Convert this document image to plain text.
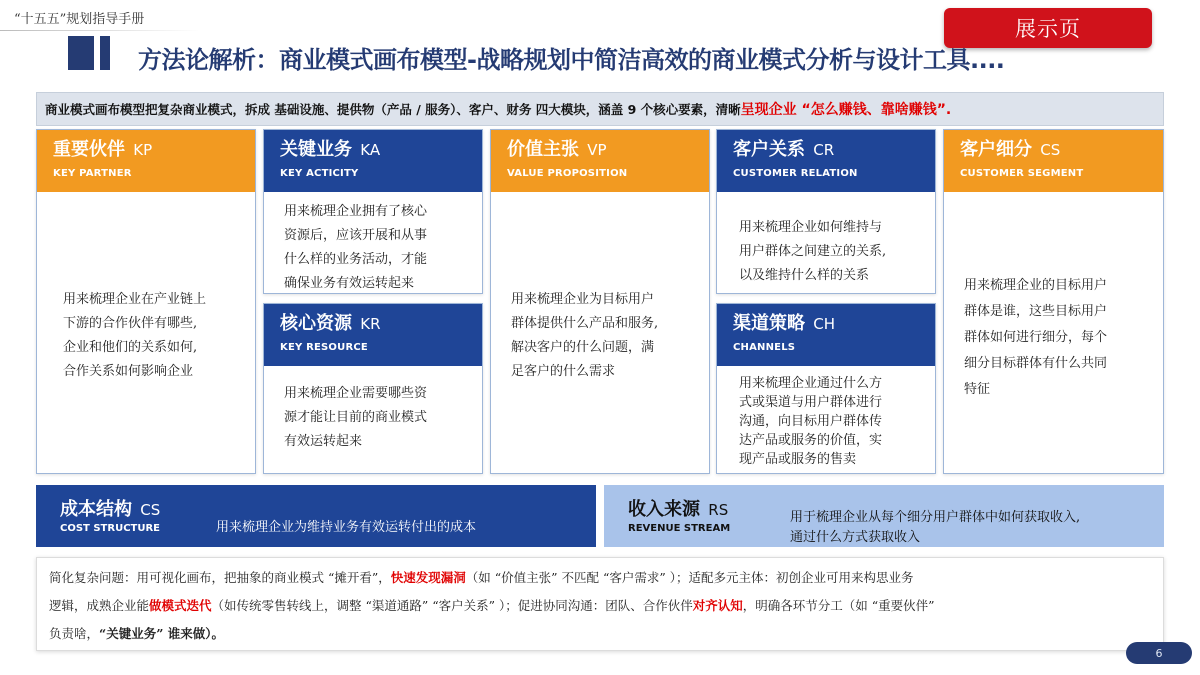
“十五五”规划指导手册	展示页
方法论解析：商业模式画布模型-战略规划中简洁高效的商业模式分析与设计工具....
商业模式画布模型把复杂商业模式，拆成 基础设施、提供物（产品 / 服务）、客户、财务 四大模块，涵盖 9 个核心要素，清晰 呈现企业 “怎么赚钱、靠啥赚钱”.
重要伙伴 KP
KEY PARTNER
用来梳理企业在产业链上
下游的合作伙伴有哪些,
企业和他们的关系如何,
合作关系如何影响企业
关键业务 KA
KEY ACTICITY
用来梳理企业拥有了核心
资源后，应该开展和从事
什么样的业务活动，才能
确保业务有效运转起来
核心资源 KR
KEY RESOURCE
用来梳理企业需要哪些资
源才能让目前的商业模式
有效运转起来
价值主张 VP
VALUE PROPOSITION
用来梳理企业为目标用户
群体提供什么产品和服务,
解决客户的什么问题，满
足客户的什么需求
客户关系 CR
CUSTOMER RELATION
用来梳理企业如何维持与
用户群体之间建立的关系,
以及维持什么样的关系
渠道策略 CH
CHANNELS
用来梳理企业通过什么方
式或渠道与用户群体进行
沟通，向目标用户群体传
达产品或服务的价值，实
现产品或服务的售卖
客户细分 CS
CUSTOMER SEGMENT
用来梳理企业的目标用户
群体是谁，这些目标用户
群体如何进行细分，每个
细分目标群体有什么共同
特征
成本结构 CS
COST STRUCTURE	用来梳理企业为维持业务有效运转付出的成本
收入来源 RS
REVENUE STREAM
用于梳理企业从每个细分用户群体中如何获取收入,
通过什么方式获取收入
简化复杂问题：用可视化画布，把抽象的商业模式 “摊开看”，快速发现漏洞（如 “价值主张” 不匹配 “客户需求” ）；适配多元主体：初创企业可用来构思业务
逻辑，成熟企业能做模式迭代（如传统零售转线上，调整 “渠道通路” “客户关系” ）；促进协同沟通：团队、合作伙伴对齐认知，明确各环节分工（如 “重要伙伴”
负责啥，“关键业务” 谁来做）。
6
